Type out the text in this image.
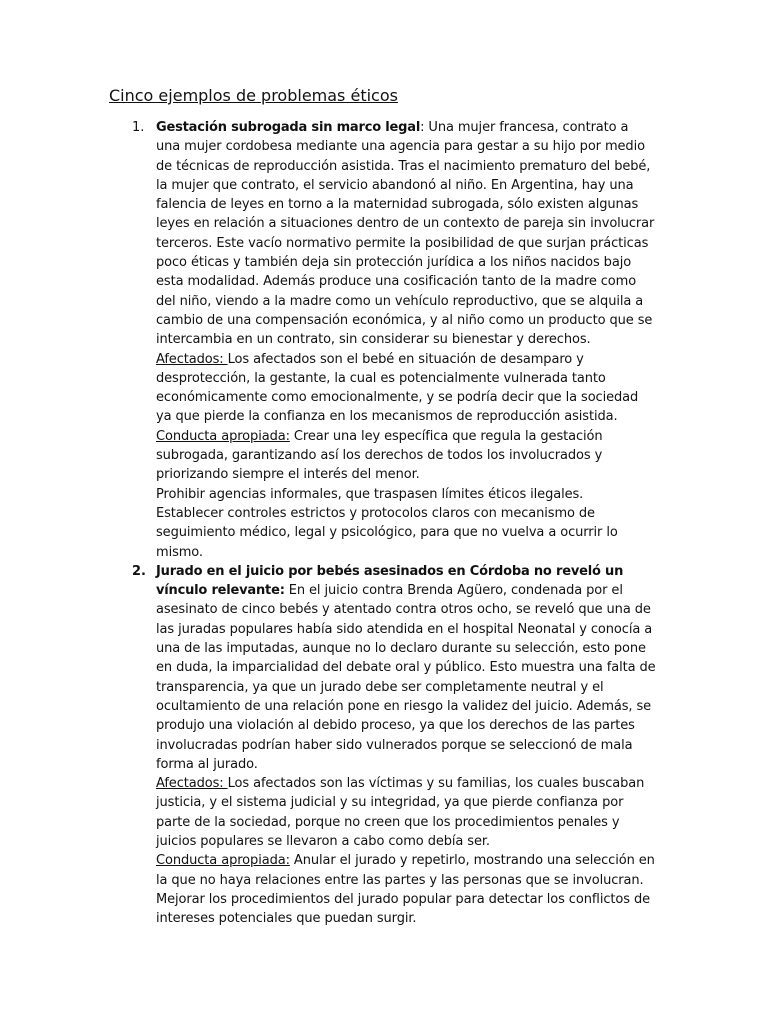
Cinco ejemplos de problemas éticos
1. Gestación subrogada sin marco legal: Una mujer francesa, contrato a una mujer cordobesa mediante una agencia para gestar a su hijo por medio de técnicas de reproducción asistida. Tras el nacimiento prematuro del bebé, la mujer que contrato, el servicio abandonó al niño. En Argentina, hay una falencia de leyes en torno a la maternidad subrogada, sólo existen algunas leyes en relación a situaciones dentro de un contexto de pareja sin involucrar terceros. Este vacío normativo permite la posibilidad de que surjan prácticas poco éticas y también deja sin protección jurídica a los niños nacidos bajo esta modalidad. Además produce una cosificación tanto de la madre como del niño, viendo a la madre como un vehículo reproductivo, que se alquila a cambio de una compensación económica, y al niño como un producto que se intercambia en un contrato, sin considerar su bienestar y derechos.

Afectados: Los afectados son el bebé en situación de desamparo y desprotección, la gestante, la cual es potencialmente vulnerada tanto económicamente como emocionalmente, y se podría decir que la sociedad ya que pierde la confianza en los mecanismos de reproducción asistida.

Conducta apropiada: Crear una ley específica que regula la gestación subrogada, garantizando así los derechos de todos los involucrados y priorizando siempre el interés del menor.

Prohibir agencias informales, que traspasen límites éticos ilegales.

Establecer controles estrictos y protocolos claros con mecanismo de seguimiento médico, legal y psicológico, para que no vuelva a ocurrir lo mismo.

2. Jurado en el juicio por bebés asesinados en Córdoba no reveló un vínculo relevante: En el juicio contra Brenda Agüero, condenada por el asesinato de cinco bebés y atentado contra otros ocho, se reveló que una de las juradas populares había sido atendida en el hospital Neonatal y conocía a una de las imputadas, aunque no lo declaro durante su selección, esto pone en duda, la imparcialidad del debate oral y público. Esto muestra una falta de transparencia, ya que un jurado debe ser completamente neutral y el ocultamiento de una relación pone en riesgo la validez del juicio. Además, se produjo una violación al debido proceso, ya que los derechos de las partes involucradas podrían haber sido vulnerados porque se seleccionó de mala forma al jurado.

Afectados: Los afectados son las víctimas y su familias, los cuales buscaban justicia, y el sistema judicial y su integridad, ya que pierde confianza por parte de la sociedad, porque no creen que los procedimientos penales y juicios populares se llevaron a cabo como debía ser.

Conducta apropiada: Anular el jurado y repetirlo, mostrando una selección en la que no haya relaciones entre las partes y las personas que se involucran.

Mejorar los procedimientos del jurado popular para detectar los conflictos de intereses potenciales que puedan surgir.
